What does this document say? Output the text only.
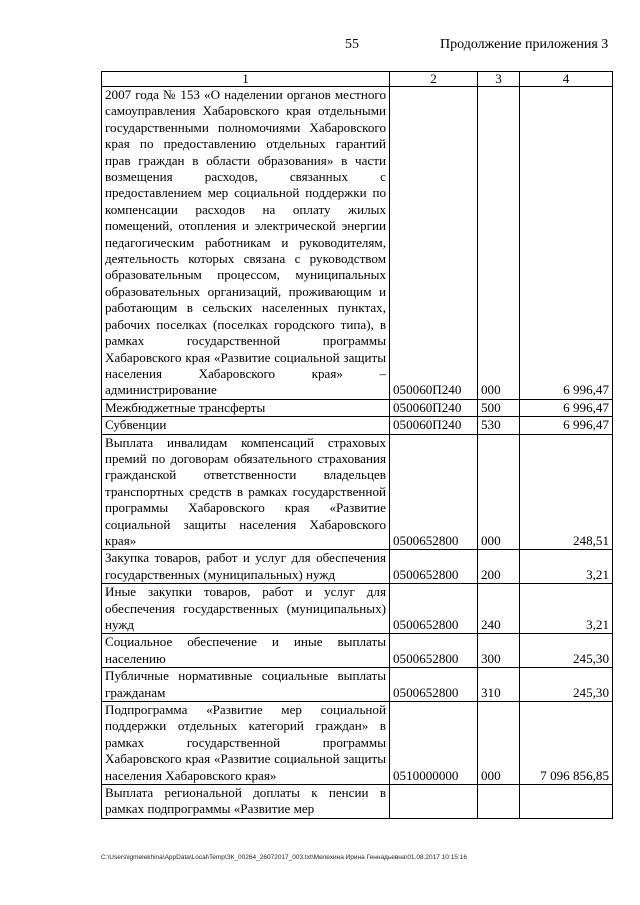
55	Продолжение приложения 3
1	2	3	4
2007 года № 153 «О наделении органов местного самоуправления Хабаровского края отдельными государственными полномочиями Хабаровского края по предоставлению отдельных гарантий прав граждан в области образования» в части возмещения расходов, связанных с предоставлением мер социальной поддержки по компенсации расходов на оплату жилых помещений, отопления и электрической энергии педагогическим работникам и руководителям, деятельность которых связана с руководством образовательным процессом, муниципальных образовательных организаций, проживающим и работающим в сельских населенных пунктах, рабочих поселках (поселках городского типа), в рамках государственной программы Хабаровского края «Развитие социальной защиты населения Хабаровского края» – администрирование	050060П240	000	6 996,47
Межбюджетные трансферты	050060П240	500	6 996,47
Субвенции	050060П240	530	6 996,47
Выплата инвалидам компенсаций страховых премий по договорам обязательного страхования гражданской ответственности владельцев транспортных средств в рамках государственной программы Хабаровского края «Развитие социальной защиты населения Хабаровского края»	0500652800	000	248,51
Закупка товаров, работ и услуг для обеспечения государственных (муниципальных) нужд	0500652800	200	3,21
Иные закупки товаров, работ и услуг для обеспечения государственных (муниципальных) нужд	0500652800	240	3,21
Социальное обеспечение и иные выплаты населению	0500652800	300	245,30
Публичные нормативные социальные выплаты гражданам	0500652800	310	245,30
Подпрограмма «Развитие мер социальной поддержки отдельных категорий граждан» в рамках государственной программы Хабаровского края «Развитие социальной защиты населения Хабаровского края»	0510000000	000	7 096 856,85
Выплата региональной доплаты к пенсии в рамках подпрограммы «Развитие мер			
C:\Users\igmelekhina\AppData\Local\Temp\ЗК_00264_26072017_003.txt\Мелехина Ирина Геннадьевна\01.08.2017 10:15:16
